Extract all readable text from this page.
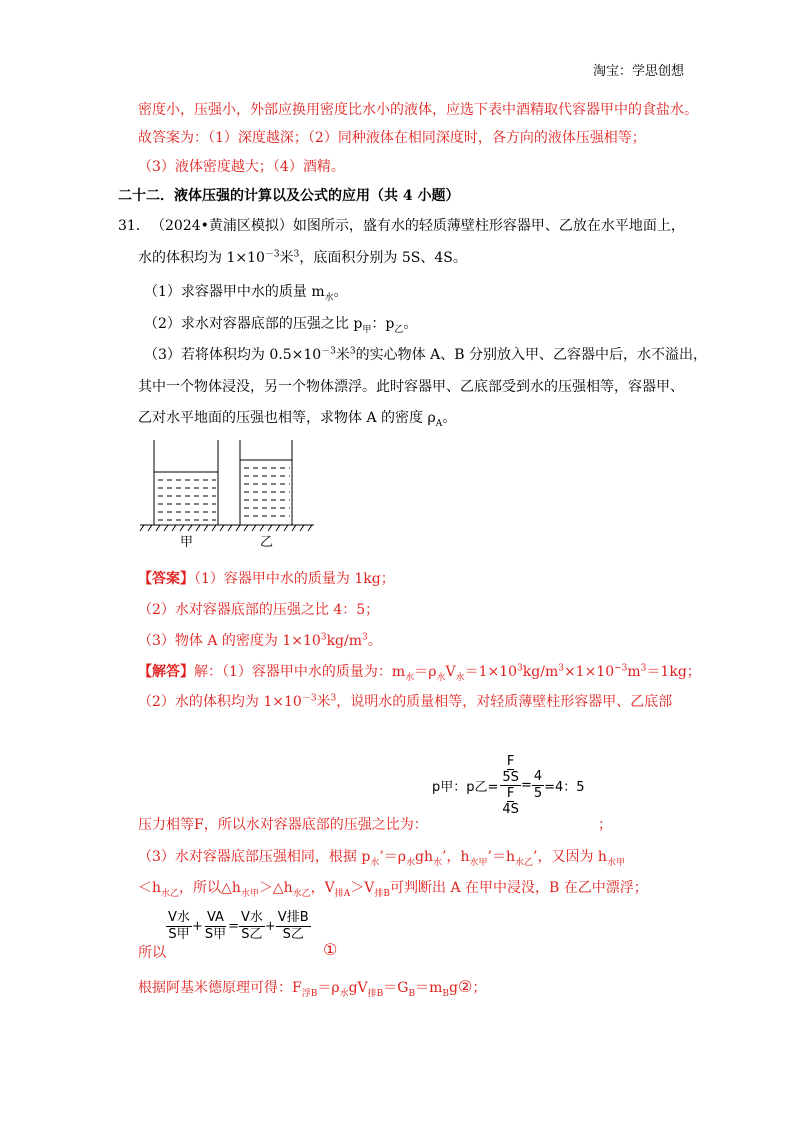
淘宝：学思创想
密度小，压强小，外部应换用密度比水小的液体，应选下表中酒精取代容器甲中的食盐水。
故答案为：（1）深度越深；（2）同种液体在相同深度时，各方向的液体压强相等；
（3）液体密度越大；（4）酒精。
二十二．液体压强的计算以及公式的应用（共 4 小题）
31． （2024•黄浦区模拟）如图所示，盛有水的轻质薄壁柱形容器甲、乙放在水平地面上，
水的体积均为 $1\times 10^{-3}$米$^3$，底面积分别为 5S、4S。
（1）求容器甲中水的质量 $m_水$。
（2）求水对容器底部的压强之比 $p_甲$：$p_乙$。
（3）若将体积均为 $0.5\times 10^{-3}$米$^3$的实心物体 A、B 分别放入甲、乙容器中后，水不溢出，
其中一个物体浸没，另一个物体漂浮。此时容器甲、乙底部受到水的压强相等，容器甲、
乙对水平地面的压强也相等，求物体 A 的密度 $\rho_A$。
甲	乙
【答案】（1）容器甲中水的质量为 1kg；
（2）水对容器底部的压强之比 4：5；
（3）物体 A 的密度为 $1\times 10^3kg/m^3$。
【解答】解：（1）容器甲中水的质量为：$m_水=\rho_水V_水=1\times 10^3kg/m^3\times 1\times 10^{-3}m^3=1kg$；
（2）水的体积均为 $1\times 10^{-3}$米$^3$，说明水的质量相等，对轻质薄壁柱形容器甲、乙底部
p甲：p乙= F
5S
F
$4S = \frac{4}{5} =4$：5
压力相等F，所以水对容器底部的压强之比为：	；
（3）水对容器底部压强相同，根据 $p_水’=\rho_水gh_水$’，$h_{水甲}’=h_{水乙}$’，又因为 $h_{水甲}$
$<h_{水乙}$，所以$\triangle h_{水甲}>\triangle h_{水乙}$，$V_{排A}>V_{排B}$可判断出 A 在甲中浸没，B 在乙中漂浮；
所以
$\frac{\text{V水}}{\text{S甲}} + \frac{VA}{\text{S甲}} = \frac{\text{V水}}{\text{S乙}} + \frac{\text{V排B}}{\text{S乙}}$
①
根据阿基米德原理可得：$F_{浮B}=\rho_水gV_{排B}=G_B=m_Bg②$；
